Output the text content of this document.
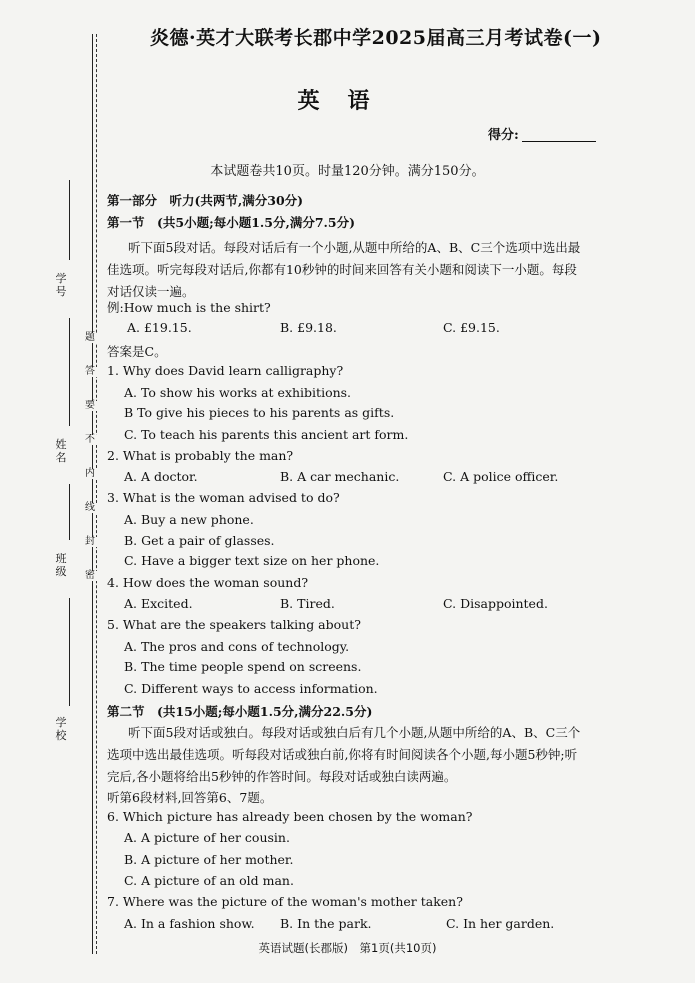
学号
姓名
班级
学校
题
答
要
不
内
线
封
密
炎德·英才大联考长郡中学2025届高三月考试卷(一)
英语
得分:
本试题卷共10页。时量120分钟。满分150分。
第一部分　听力(共两节,满分30分)
第一节　(共5小题;每小题1.5分,满分7.5分)
听下面5段对话。每段对话后有一个小题,从题中所给的A、B、C三个选项中选出最
佳选项。听完每段对话后,你都有10秒钟的时间来回答有关小题和阅读下一小题。每段
对话仅读一遍。
例:How much is the shirt?
A. £19.15.	B. £9.18.	C. £9.15.
答案是C。
1. Why does David learn calligraphy?
A. To show his works at exhibitions.
B To give his pieces to his parents as gifts.
C. To teach his parents this ancient art form.
2. What is probably the man?
A. A doctor.	B. A car mechanic.	C. A police officer.
3. What is the woman advised to do?
A. Buy a new phone.
B. Get a pair of glasses.
C. Have a bigger text size on her phone.
4. How does the woman sound?
A. Excited.	B. Tired.	C. Disappointed.
5. What are the speakers talking about?
A. The pros and cons of technology.
B. The time people spend on screens.
C. Different ways to access information.
第二节　(共15小题;每小题1.5分,满分22.5分)
听下面5段对话或独白。每段对话或独白后有几个小题,从题中所给的A、B、C三个
选项中选出最佳选项。听每段对话或独白前,你将有时间阅读各个小题,每小题5秒钟;听
完后,各小题将给出5秒钟的作答时间。每段对话或独白读两遍。
听第6段材料,回答第6、7题。
6. Which picture has already been chosen by the woman?
A. A picture of her cousin.
B. A picture of her mother.
C. A picture of an old man.
7. Where was the picture of the woman's mother taken?
A. In a fashion show. B. In the park.	C. In her garden.
英语试题(长郡版)　第1页(共10页)
